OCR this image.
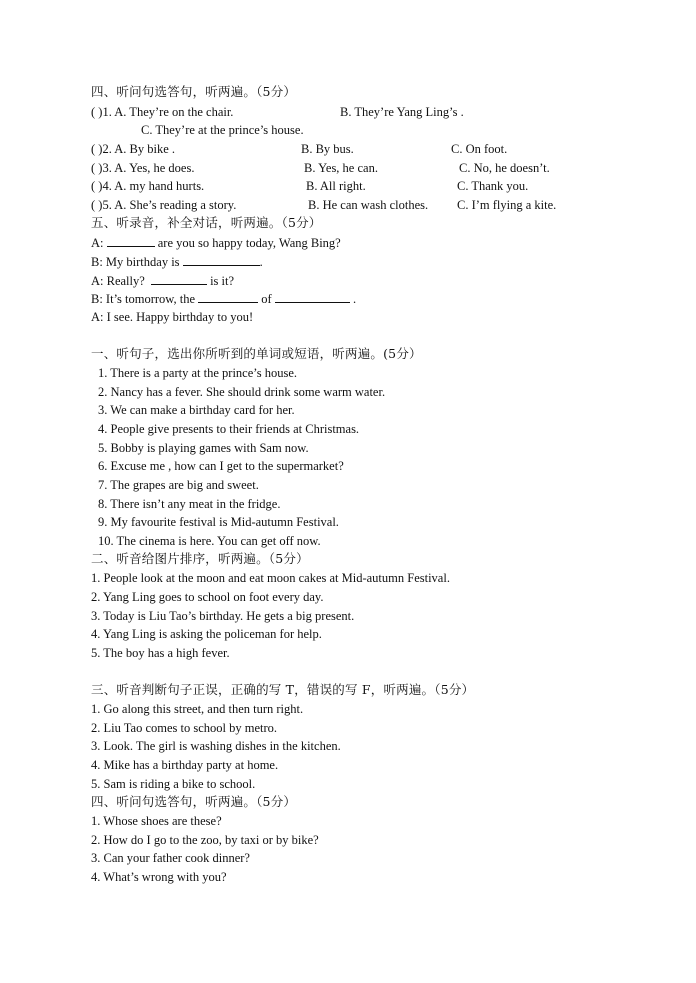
四、听问句选答句，听两遍。（5分）
( )1. A. They’re on the chair.	B. They’re Yang Ling’s .
C. They’re at the prince’s house.
( )2. A. By bike .	B. By bus.	C. On foot.
( )3. A. Yes, he does.	B. Yes, he can.	C. No, he doesn’t.
( )4. A. my hand hurts.	B. All right.	C. Thank you.
( )5. A. She’s reading a story.	B. He can wash clothes. C. I’m flying a kite.
五、听录音，补全对话，听两遍。（5分）
A:	are you so happy today, Wang Bing?
B: My birthday is	.
A: Really?	is it?
B: It’s tomorrow, the	of	.
A: I see. Happy birthday to you!
一、听句子，选出你所听到的单词或短语，听两遍。(5分）
1. There is a party at the prince’s house.
2. Nancy has a fever. She should drink some warm water.
3. We can make a birthday card for her.
4. People give presents to their friends at Christmas.
5. Bobby is playing games with Sam now.
6. Excuse me , how can I get to the supermarket?
7. The grapes are big and sweet.
8. There isn’t any meat in the fridge.
9. My favourite festival is Mid-autumn Festival.
10. The cinema is here. You can get off now.
二、听音给图片排序，听两遍。（5分）
1. People look at the moon and eat moon cakes at Mid-autumn Festival.
2. Yang Ling goes to school on foot every day.
3. Today is Liu Tao’s birthday. He gets a big present.
4. Yang Ling is asking the policeman for help.
5. The boy has a high fever.
三、听音判断句子正误，正确的写 T，错误的写 F，听两遍。（5分）
1. Go along this street, and then turn right.
2. Liu Tao comes to school by metro.
3. Look. The girl is washing dishes in the kitchen.
4. Mike has a birthday party at home.
5. Sam is riding a bike to school.
四、听问句选答句，听两遍。（5分）
1. Whose shoes are these?
2. How do I go to the zoo, by taxi or by bike?
3. Can your father cook dinner?
4. What’s wrong with you?
